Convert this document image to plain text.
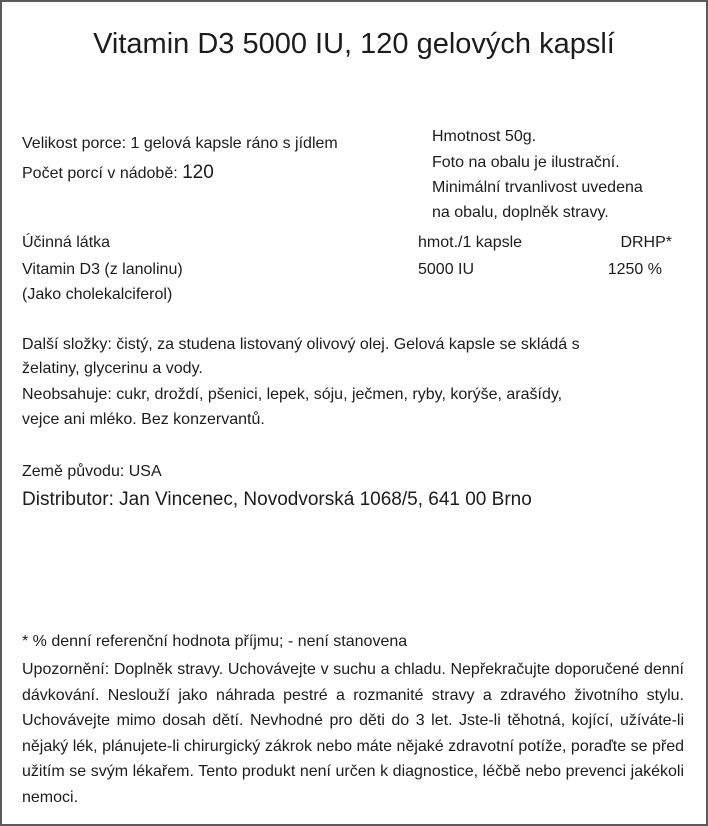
Vitamin D3 5000 IU, 120 gelových kapslí
Velikost porce: 1 gelová kapsle ráno s jídlem
Počet porcí v nádobě: 120
Hmotnost 50g.
Foto na obalu je ilustrační.
Minimální trvanlivost uvedena
na obalu, doplněk stravy.
Účinná látka	hmot./1 kapsle	DRHP*
Vitamin D3 (z lanolinu)	5000 IU	1250 %
(Jako cholekalciferol)
Další složky: čistý, za studena listovaný olivový olej. Gelová kapsle se skládá s
želatiny, glycerinu a vody.
Neobsahuje: cukr, droždí, pšenici, lepek, sóju, ječmen, ryby, korýše, arašídy,
vejce ani mléko. Bez konzervantů.
Země původu: USA
Distributor: Jan Vincenec, Novodvorská 1068/5, 641 00 Brno
* % denní referenční hodnota příjmu; - není stanovena
Upozornění: Doplněk stravy. Uchovávejte v suchu a chladu. Nepřekračujte doporučené denní dávkování. Neslouží jako náhrada pestré a rozmanité stravy a zdravého životního stylu. Uchovávejte mimo dosah dětí. Nevhodné pro děti do 3 let. Jste-li těhotná, kojící, užíváte-li nějaký lék, plánujete-li chirurgický zákrok nebo máte nějaké zdravotní potíže, poraďte se před užitím se svým lékařem. Tento produkt není určen k diagnostice, léčbě nebo prevenci jakékoli nemoci.
